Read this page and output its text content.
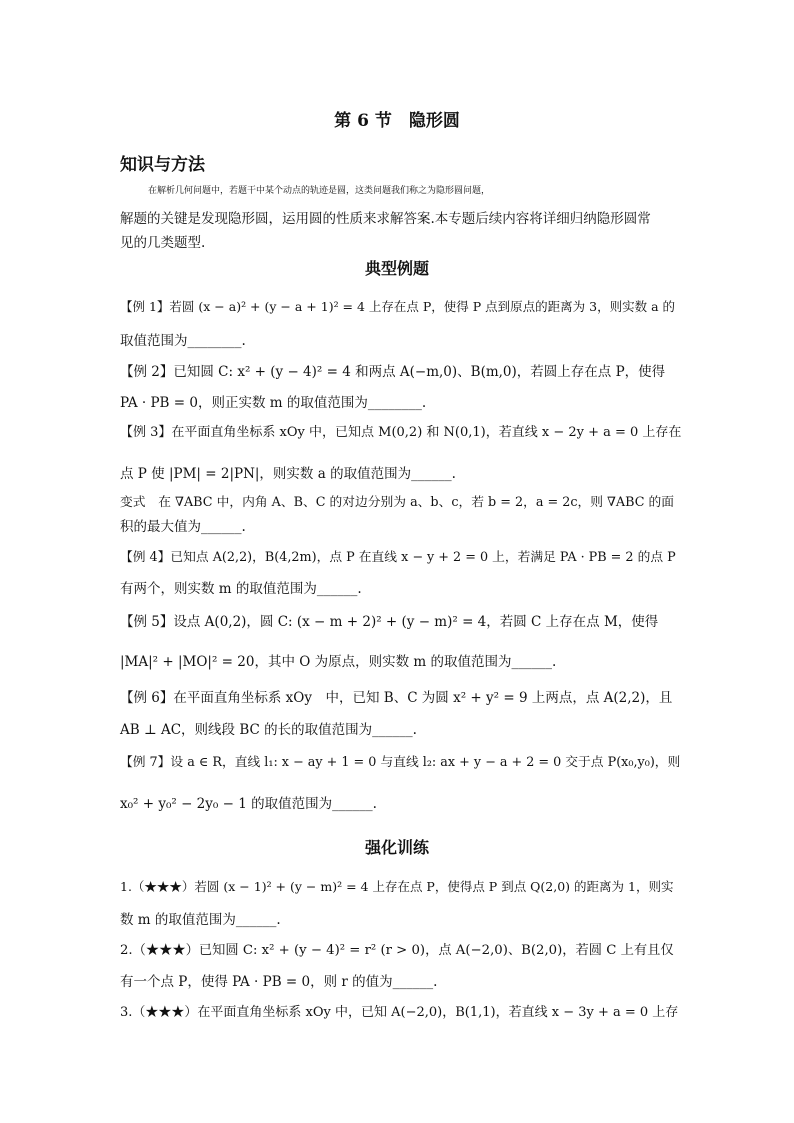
第 6 节　隐形圆
知识与方法
在解析几何问题中，若题干中某个动点的轨迹是圆，这类问题我们称之为隐形圆问题，
解题的关键是发现隐形圆，运用圆的性质来求解答案.本专题后续内容将详细归纳隐形圆常
见的几类题型.
典型例题
【例 1】若圆 (x − a)² + (y − a + 1)² = 4 上存在点 P，使得 P 点到原点的距离为 3，则实数 a 的
取值范围为________.
【例 2】已知圆 C: x² + (y − 4)² = 4 和两点 A(−m,0)、B(m,0)，若圆上存在点 P，使得
PA · PB = 0，则正实数 m 的取值范围为________.
【例 3】在平面直角坐标系 xOy 中，已知点 M(0,2) 和 N(0,1)，若直线 x − 2y + a = 0 上存在
点 P 使 |PM| = 2|PN|，则实数 a 的取值范围为______.
变式　在 ∇ABC 中，内角 A、B、C 的对边分别为 a、b、c，若 b = 2，a = 2c，则 ∇ABC 的面
积的最大值为______.
【例 4】已知点 A(2,2)，B(4,2m)，点 P 在直线 x − y + 2 = 0 上，若满足 PA · PB = 2 的点 P
有两个，则实数 m 的取值范围为______.
【例 5】设点 A(0,2)，圆 C: (x − m + 2)² + (y − m)² = 4，若圆 C 上存在点 M，使得
|MA|² + |MO|² = 20，其中 O 为原点，则实数 m 的取值范围为______.
【例 6】在平面直角坐标系 xOy　中，已知 B、C 为圆 x² + y² = 9 上两点，点 A(2,2)，且
AB ⊥ AC，则线段 BC 的长的取值范围为______.
【例 7】设 a ∈ R，直线 l₁: x − ay + 1 = 0 与直线 l₂: ax + y − a + 2 = 0 交于点 P(x₀,y₀)，则
x₀² + y₀² − 2y₀ − 1 的取值范围为______.
强化训练
1.（★★★）若圆 (x − 1)² + (y − m)² = 4 上存在点 P，使得点 P 到点 Q(2,0) 的距离为 1，则实
数 m 的取值范围为______.
2.（★★★）已知圆 C: x² + (y − 4)² = r² (r > 0)，点 A(−2,0)、B(2,0)，若圆 C 上有且仅
有一个点 P，使得 PA · PB = 0，则 r 的值为______.
3.（★★★）在平面直角坐标系 xOy 中，已知 A(−2,0)，B(1,1)，若直线 x − 3y + a = 0 上存
